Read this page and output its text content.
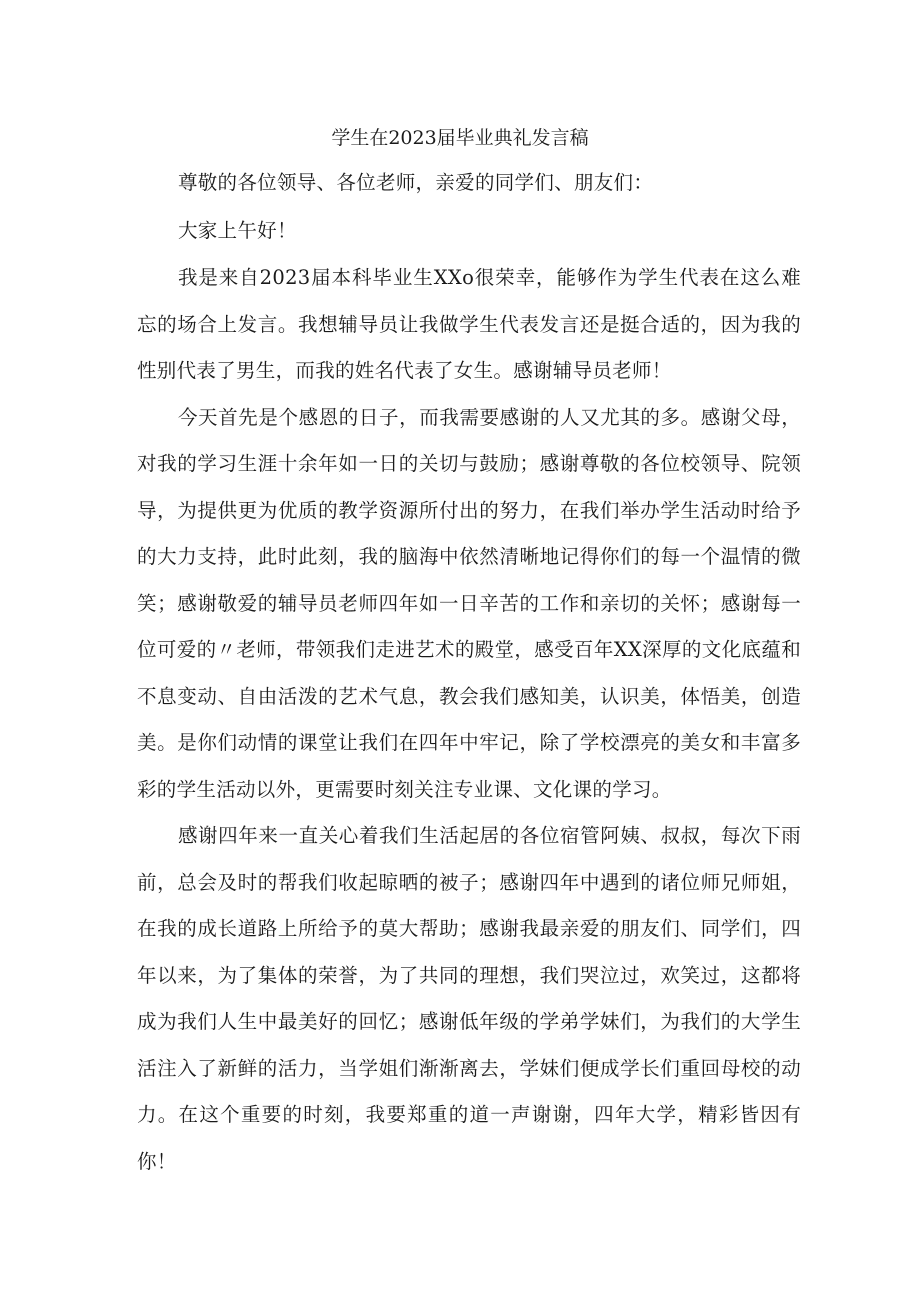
学生在2023届毕业典礼发言稿

尊敬的各位领导、各位老师，亲爱的同学们、朋友们：

大家上午好！

我是来自2023届本科毕业生XXo很荣幸，能够作为学生代表在这么难忘的场合上发言。我想辅导员让我做学生代表发言还是挺合适的，因为我的性别代表了男生，而我的姓名代表了女生。感谢辅导员老师！

今天首先是个感恩的日子，而我需要感谢的人又尤其的多。感谢父母，对我的学习生涯十余年如一日的关切与鼓励；感谢尊敬的各位校领导、院领导，为提供更为优质的教学资源所付出的努力，在我们举办学生活动时给予的大力支持，此时此刻，我的脑海中依然清晰地记得你们的每一个温情的微笑；感谢敬爱的辅导员老师四年如一日辛苦的工作和亲切的关怀；感谢每一位可爱的〃老师，带领我们走进艺术的殿堂，感受百年XX深厚的文化底蕴和不息变动、自由活泼的艺术气息，教会我们感知美，认识美，体悟美，创造美。是你们动情的课堂让我们在四年中牢记，除了学校漂亮的美女和丰富多彩的学生活动以外，更需要时刻关注专业课、文化课的学习。

感谢四年来一直关心着我们生活起居的各位宿管阿姨、叔叔，每次下雨前，总会及时的帮我们收起晾晒的被子；感谢四年中遇到的诸位师兄师姐，在我的成长道路上所给予的莫大帮助；感谢我最亲爱的朋友们、同学们，四年以来，为了集体的荣誉，为了共同的理想，我们哭泣过，欢笑过，这都将成为我们人生中最美好的回忆；感谢低年级的学弟学妹们，为我们的大学生活注入了新鲜的活力，当学姐们渐渐离去，学妹们便成学长们重回母校的动力。在这个重要的时刻，我要郑重的道一声谢谢，四年大学，精彩皆因有你！
